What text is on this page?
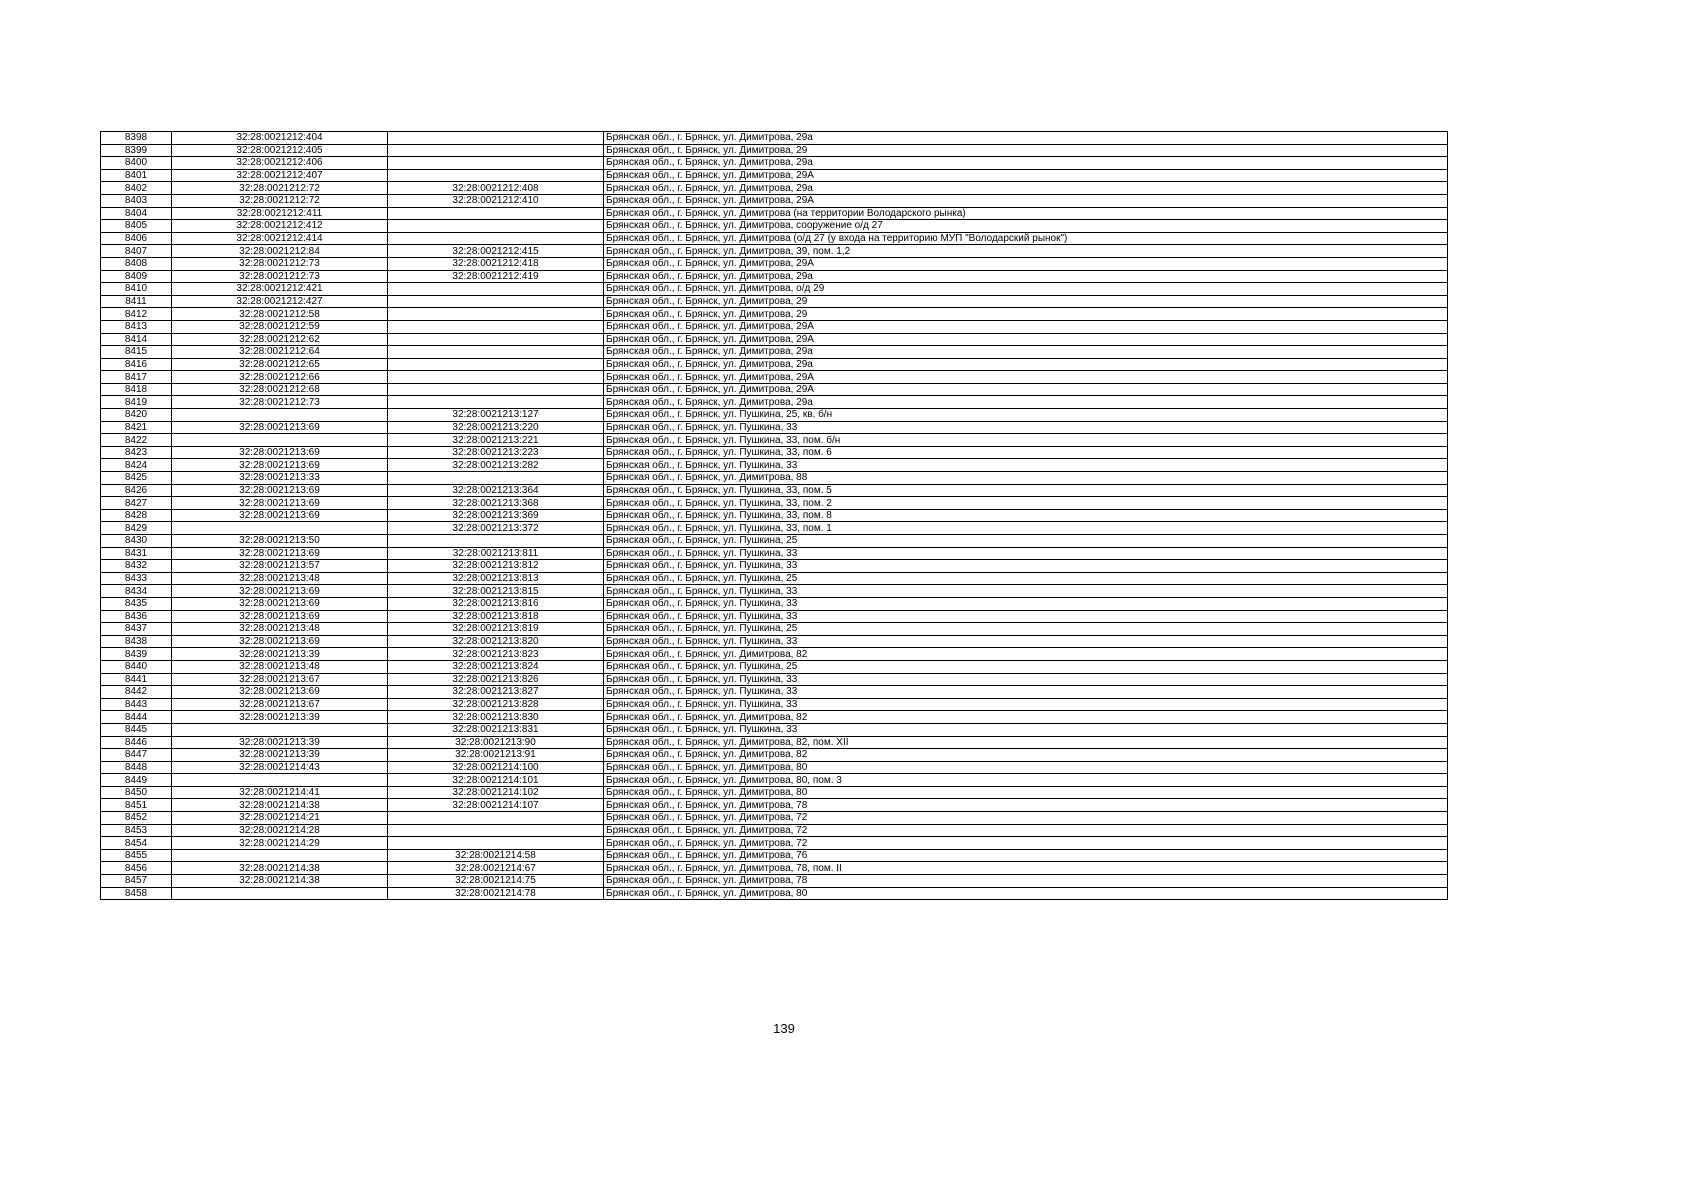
8398	32:28:0021212:404		Брянская обл., г. Брянск, ул. Димитрова, 29а
8399	32:28:0021212:405		Брянская обл., г. Брянск, ул. Димитрова, 29
8400	32:28:0021212:406		Брянская обл., г. Брянск, ул. Димитрова, 29а
8401	32:28:0021212:407		Брянская обл., г. Брянск, ул. Димитрова, 29А
8402	32:28:0021212:72	32:28:0021212:408	Брянская обл., г. Брянск, ул. Димитрова, 29а
8403	32:28:0021212:72	32:28:0021212:410	Брянская обл., г. Брянск, ул. Димитрова, 29А
8404	32:28:0021212:411		Брянская обл., г. Брянск, ул. Димитрова (на территории Володарского рынка)
8405	32:28:0021212:412		Брянская обл., г. Брянск, ул. Димитрова, сооружение о/д 27
8406	32:28:0021212:414		Брянская обл., г. Брянск, ул. Димитрова (о/д 27 (у входа на территорию МУП "Володарский рынок")
8407	32:28:0021212:84	32:28:0021212:415	Брянская обл., г. Брянск, ул. Димитрова, 39, пом. 1,2
8408	32:28:0021212:73	32:28:0021212:418	Брянская обл., г. Брянск, ул. Димитрова, 29А
8409	32:28:0021212:73	32:28:0021212:419	Брянская обл., г. Брянск, ул. Димитрова, 29а
8410	32:28:0021212:421		Брянская обл., г. Брянск, ул. Димитрова, о/д 29
8411	32:28:0021212:427		Брянская обл., г. Брянск, ул. Димитрова, 29
8412	32:28:0021212:58		Брянская обл., г. Брянск, ул. Димитрова, 29
8413	32:28:0021212:59		Брянская обл., г. Брянск, ул. Димитрова, 29А
8414	32:28:0021212:62		Брянская обл., г. Брянск, ул. Димитрова, 29А
8415	32:28:0021212:64		Брянская обл., г. Брянск, ул. Димитрова, 29а
8416	32:28:0021212:65		Брянская обл., г. Брянск, ул. Димитрова, 29а
8417	32:28:0021212:66		Брянская обл., г. Брянск, ул. Димитрова, 29А
8418	32:28:0021212:68		Брянская обл., г. Брянск, ул. Димитрова, 29А
8419	32:28:0021212:73		Брянская обл., г. Брянск, ул. Димитрова, 29а
8420		32:28:0021213:127	Брянская обл., г. Брянск, ул. Пушкина, 25, кв. б/н
8421	32:28:0021213:69	32:28:0021213:220	Брянская обл., г. Брянск, ул. Пушкина, 33
8422		32:28:0021213:221	Брянская обл., г. Брянск, ул. Пушкина, 33, пом. б/н
8423	32:28:0021213:69	32:28:0021213:223	Брянская обл., г. Брянск, ул. Пушкина, 33, пом. 6
8424	32:28:0021213:69	32:28:0021213:282	Брянская обл., г. Брянск, ул. Пушкина, 33
8425	32:28:0021213:33		Брянская обл., г. Брянск, ул. Димитрова, 88
8426	32:28:0021213:69	32:28:0021213:364	Брянская обл., г. Брянск, ул. Пушкина, 33, пом. 5
8427	32:28:0021213:69	32:28:0021213:368	Брянская обл., г. Брянск, ул. Пушкина, 33, пом. 2
8428	32:28:0021213:69	32:28:0021213:369	Брянская обл., г. Брянск, ул. Пушкина, 33, пом. 8
8429		32:28:0021213:372	Брянская обл., г. Брянск, ул. Пушкина, 33, пом. 1
8430	32:28:0021213:50		Брянская обл., г. Брянск, ул. Пушкина, 25
8431	32:28:0021213:69	32:28:0021213:811	Брянская обл., г. Брянск, ул. Пушкина, 33
8432	32:28:0021213:57	32:28:0021213:812	Брянская обл., г. Брянск, ул. Пушкина, 33
8433	32:28:0021213:48	32:28:0021213:813	Брянская обл., г. Брянск, ул. Пушкина, 25
8434	32:28:0021213:69	32:28:0021213:815	Брянская обл., г. Брянск, ул. Пушкина, 33
8435	32:28:0021213:69	32:28:0021213:816	Брянская обл., г. Брянск, ул. Пушкина, 33
8436	32:28:0021213:69	32:28:0021213:818	Брянская обл., г. Брянск, ул. Пушкина, 33
8437	32:28:0021213:48	32:28:0021213:819	Брянская обл., г. Брянск, ул. Пушкина, 25
8438	32:28:0021213:69	32:28:0021213:820	Брянская обл., г. Брянск, ул. Пушкина, 33
8439	32:28:0021213:39	32:28:0021213:823	Брянская обл., г. Брянск, ул. Димитрова, 82
8440	32:28:0021213:48	32:28:0021213:824	Брянская обл., г. Брянск, ул. Пушкина, 25
8441	32:28:0021213:67	32:28:0021213:826	Брянская обл., г. Брянск, ул. Пушкина, 33
8442	32:28:0021213:69	32:28:0021213:827	Брянская обл., г. Брянск, ул. Пушкина, 33
8443	32:28:0021213:67	32:28:0021213:828	Брянская обл., г. Брянск, ул. Пушкина, 33
8444	32:28:0021213:39	32:28:0021213:830	Брянская обл., г. Брянск, ул. Димитрова, 82
8445		32:28:0021213:831	Брянская обл., г. Брянск, ул. Пушкина, 33
8446	32:28:0021213:39	32:28:0021213:90	Брянская обл., г. Брянск, ул. Димитрова, 82, пом. XII
8447	32:28:0021213:39	32:28:0021213:91	Брянская обл., г. Брянск, ул. Димитрова, 82
8448	32:28:0021214:43	32:28:0021214:100	Брянская обл., г. Брянск, ул. Димитрова, 80
8449		32:28:0021214:101	Брянская обл., г. Брянск, ул. Димитрова, 80, пом. 3
8450	32:28:0021214:41	32:28:0021214:102	Брянская обл., г. Брянск, ул. Димитрова, 80
8451	32:28:0021214:38	32:28:0021214:107	Брянская обл., г. Брянск, ул. Димитрова, 78
8452	32:28:0021214:21		Брянская обл., г. Брянск, ул. Димитрова, 72
8453	32:28:0021214:28		Брянская обл., г. Брянск, ул. Димитрова, 72
8454	32:28:0021214:29		Брянская обл., г. Брянск, ул. Димитрова, 72
8455		32:28:0021214:58	Брянская обл., г. Брянск, ул. Димитрова, 76
8456	32:28:0021214:38	32:28:0021214:67	Брянская обл., г. Брянск, ул. Димитрова, 78, пом. II
8457	32:28:0021214:38	32:28:0021214:75	Брянская обл., г. Брянск, ул. Димитрова, 78
8458		32:28:0021214:78	Брянская обл., г. Брянск, ул. Димитрова, 80
139
